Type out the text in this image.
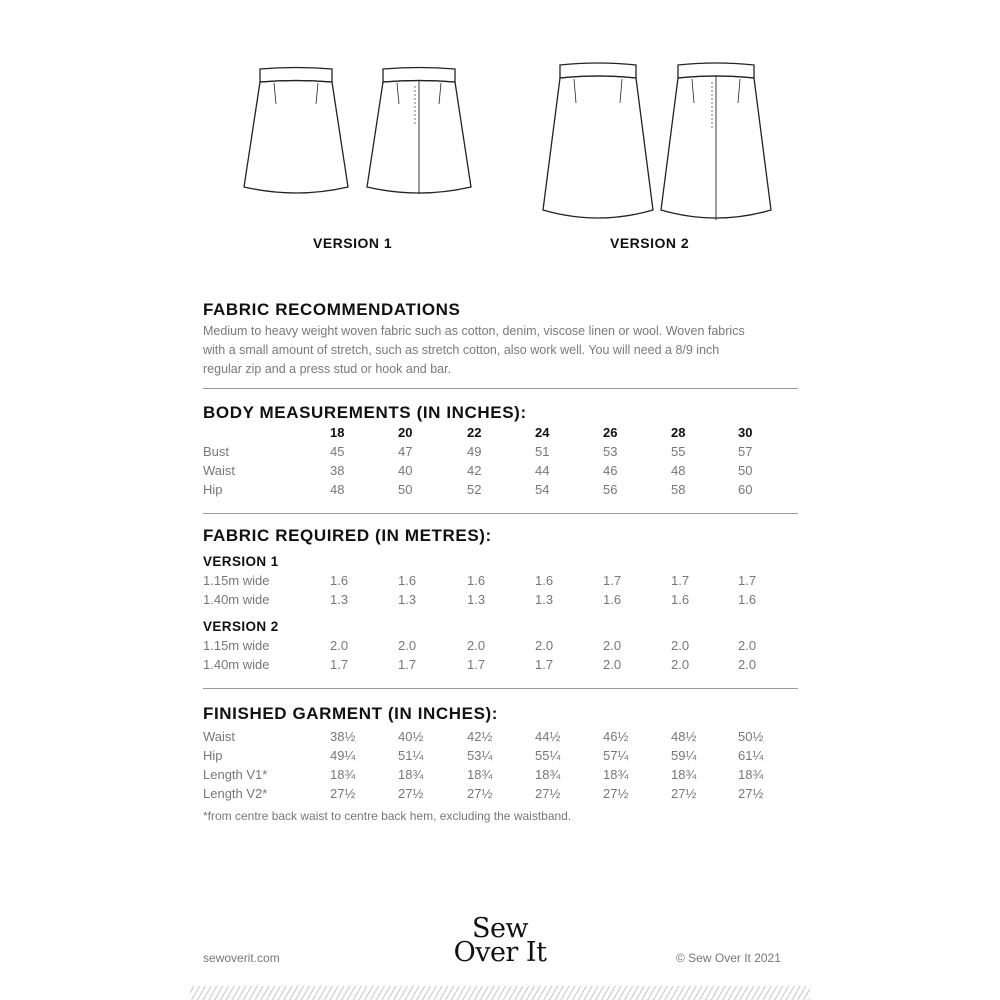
VERSION 1	VERSION 2
FABRIC RECOMMENDATIONS
Medium to heavy weight woven fabric such as cotton, denim, viscose linen or wool. Woven fabrics
with a small amount of stretch, such as stretch cotton, also work well. You will need a 8/9 inch
regular zip and a press stud or hook and bar.
BODY MEASUREMENTS (IN INCHES):
18	20	22	24	26	28	30
Bust	45	47	49	51	53	55	57
Waist	38	40	42	44	46	48	50
Hip	48	50	52	54	56	58	60
FABRIC REQUIRED (IN METRES):
VERSION 1
VERSION 2
1.15m wide	1.6	1.6	1.6	1.6	1.7	1.7	1.7
1.40m wide	1.3	1.3	1.3	1.3	1.6	1.6	1.6
1.15m wide	2.0	2.0	2.0	2.0	2.0	2.0	2.0
1.40m wide	1.7	1.7	1.7	1.7	2.0	2.0	2.0
FINISHED GARMENT (IN INCHES):
Waist	38½	40½	42½	44½	46½	48½	50½
Hip	49¼	51¼	53¼	55¼	57¼	59¼	61¼
Length V1*	18¾	18¾	18¾	18¾	18¾	18¾	18¾
Length V2*	27½	27½	27½	27½	27½	27½	27½
*from centre back waist to centre back hem, excluding the waistband.
sewoverit.com
Sew
Over It	© Sew Over It 2021
